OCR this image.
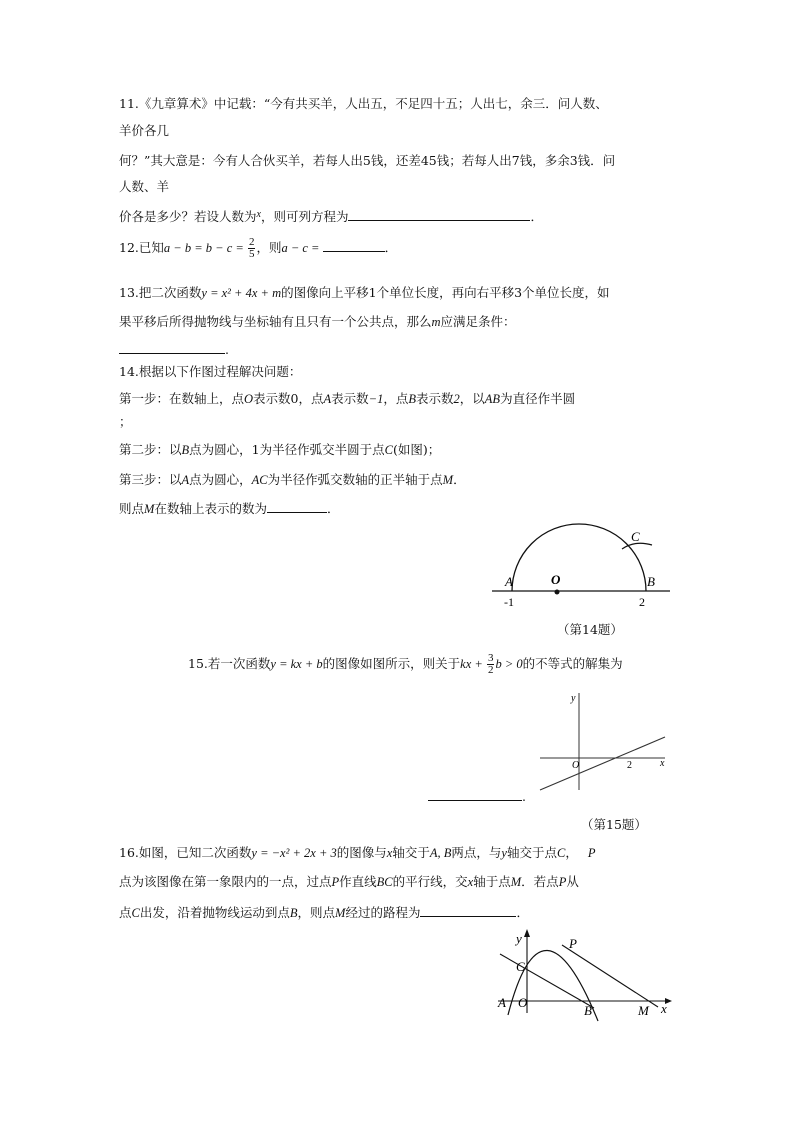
11.《九章算术》中记载：“今有共买羊，人出五，不足四十五；人出七，余三．问人数、
羊价各几
何？”其大意是：今有人合伙买羊，若每人出5钱，还差45钱；若每人出7钱，多余3钱．问
人数、羊
价各是多少？若设人数为$^x$，则可列方程为	．
12.已知$a - b = b - c = \frac{2}{5}$ ，则a − c =	．
13.把二次函数y = x² + 4x + m的图像向上平移1个单位长度，再向右平移3个单位长度，如
果平移后所得抛物线与坐标轴有且只有一个公共点，那么m应满足条件：
.
14.根据以下作图过程解决问题：
第一步：在数轴上，点O表示数0，点A表示数−1，点B表示数2，以AB为直径作半圆
；
第二步：以B点为圆心，1为半径作弧交半圆于点C(如图)；
第三步：以A点为圆心，AC为半径作弧交数轴的正半轴于点M．
则点M在数轴上表示的数为	．
A	O	B
C
-1	2
（第14题）
15.若一次函数y = kx + b的图像如图所示，则关于kx + $\frac{3}{2}$ b > 0的不等式的解集为
y
x
O	2
.
（第15题）
16.如图，已知二次函数y = −x² + 2x + 3的图像与x轴交于A, B两点，与y轴交于点C， P
点为该图像在第一象限内的一点，过点P作直线BC的平行线，交x轴于点M．若点P从
点C出发，沿着抛物线运动到点B，则点M经过的路程为	．
y
x
C
A O
B
P
M
